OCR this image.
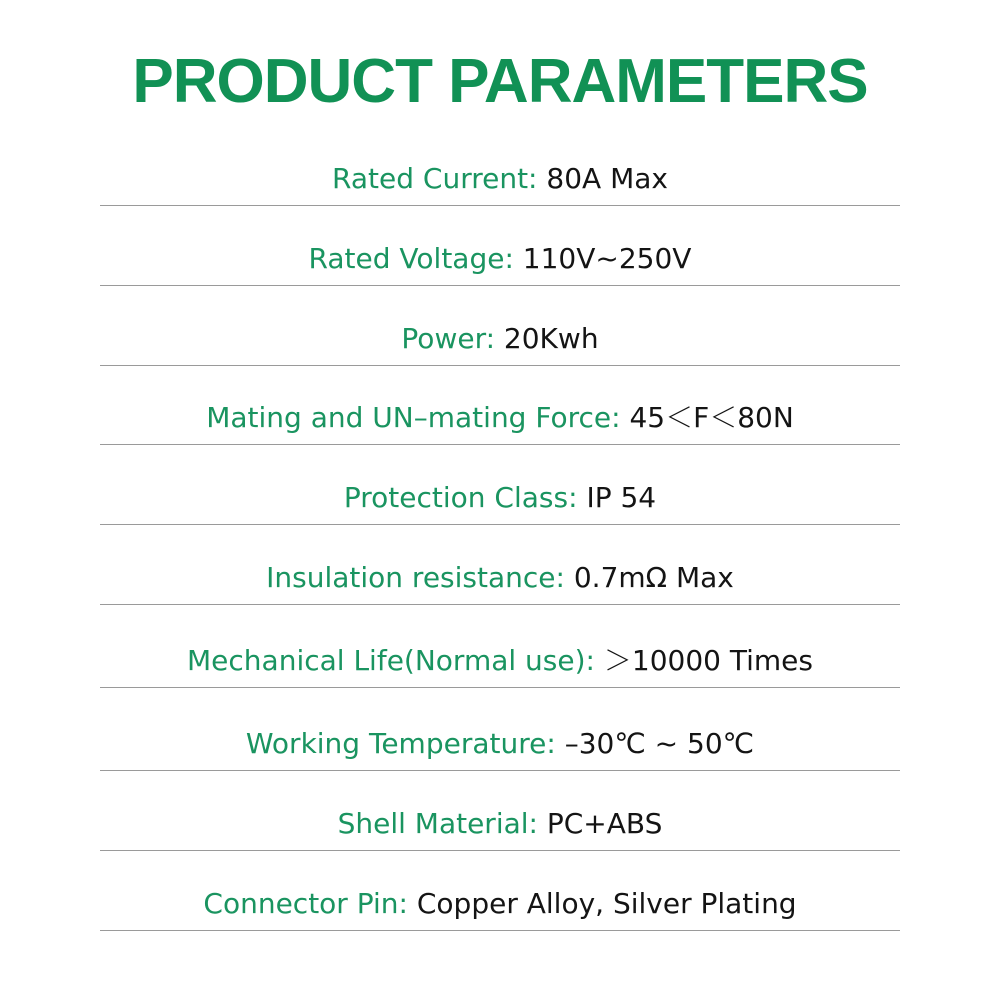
PRODUCT PARAMETERS
Rated Current: 80A Max
Rated Voltage: 110V~250V
Power: 20Kwh
Mating and UN–mating Force: 45＜F＜80N
Protection Class: IP 54
Insulation resistance: 0.7mΩ Max
Mechanical Life(Normal use): ＞10000 Times
Working Temperature: –30℃ ~ 50℃
Shell Material: PC+ABS
Connector Pin: Copper Alloy, Silver Plating
